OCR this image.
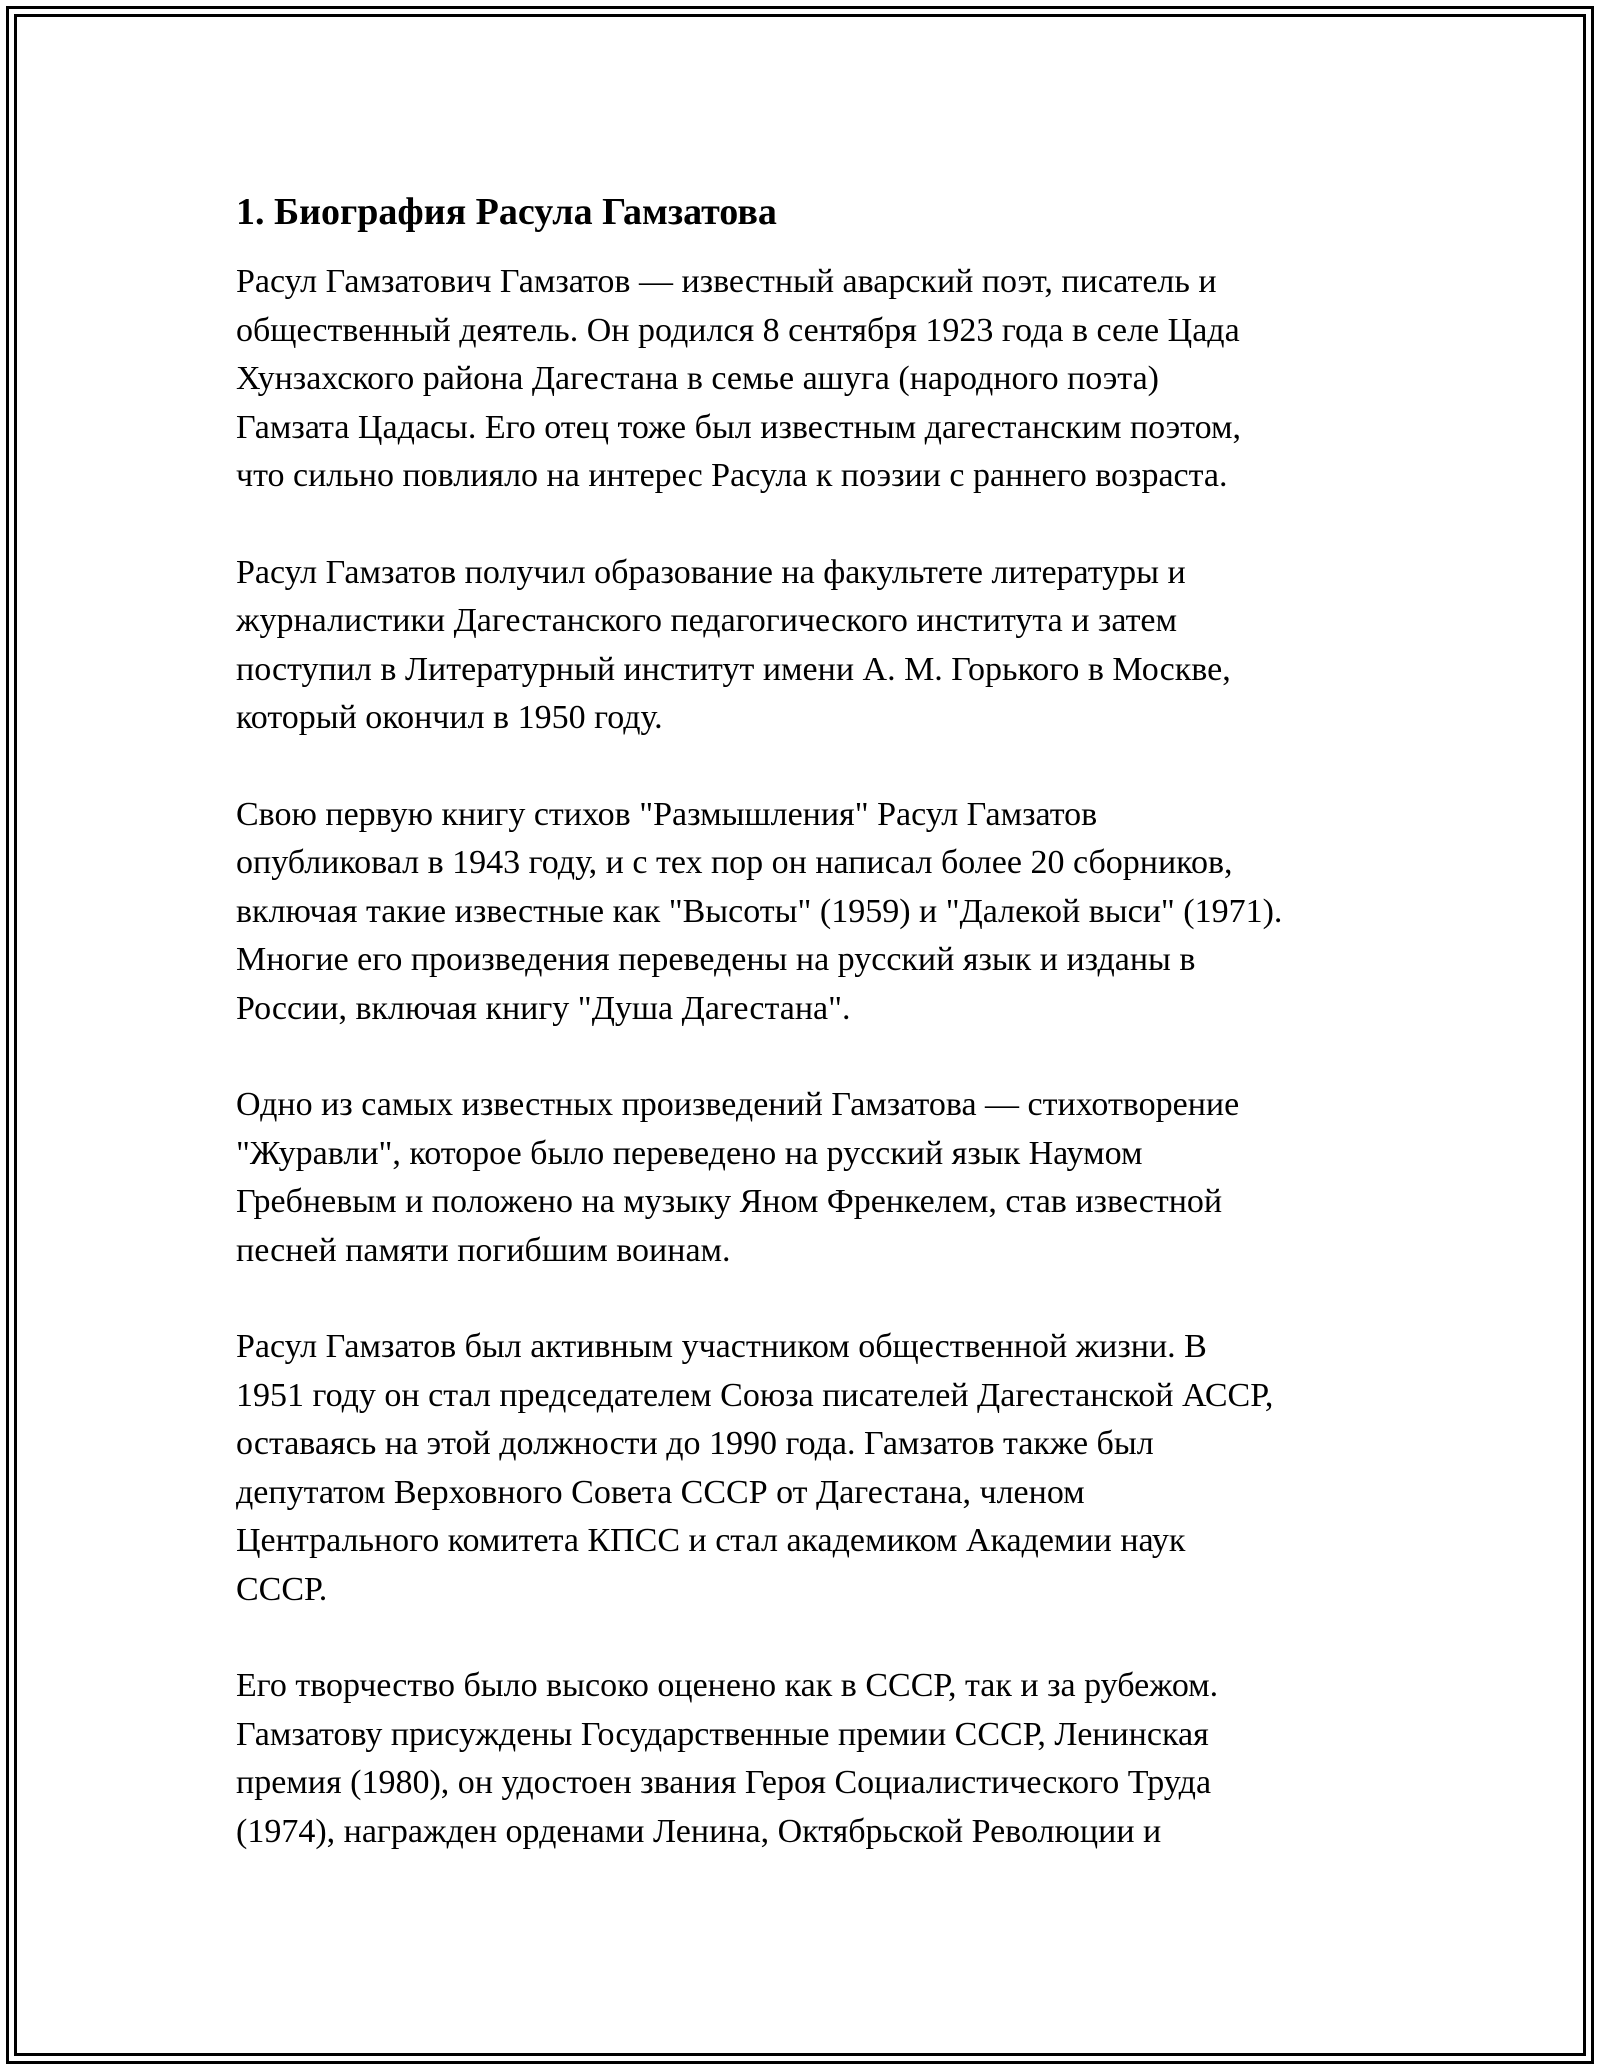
1. Биография Расула Гамзатова

Расул Гамзатович Гамзатов — известный аварский поэт, писатель и
общественный деятель. Он родился 8 сентября 1923 года в селе Цада
Хунзахского района Дагестана в семье ашуга (народного поэта)
Гамзата Цадасы. Его отец тоже был известным дагестанским поэтом,
что сильно повлияло на интерес Расула к поэзии с раннего возраста.

Расул Гамзатов получил образование на факультете литературы и
журналистики Дагестанского педагогического института и затем
поступил в Литературный институт имени А. М. Горького в Москве,
который окончил в 1950 году.

Свою первую книгу стихов "Размышления" Расул Гамзатов
опубликовал в 1943 году, и с тех пор он написал более 20 сборников,
включая такие известные как "Высоты" (1959) и "Далекой выси" (1971).
Многие его произведения переведены на русский язык и изданы в
России, включая книгу "Душа Дагестана".

Одно из самых известных произведений Гамзатова — стихотворение
"Журавли", которое было переведено на русский язык Наумом
Гребневым и положено на музыку Яном Френкелем, став известной
песней памяти погибшим воинам.

Расул Гамзатов был активным участником общественной жизни. В
1951 году он стал председателем Союза писателей Дагестанской АССР,
оставаясь на этой должности до 1990 года. Гамзатов также был
депутатом Верховного Совета СССР от Дагестана, членом
Центрального комитета КПСС и стал академиком Академии наук
СССР.

Его творчество было высоко оценено как в СССР, так и за рубежом.
Гамзатову присуждены Государственные премии СССР, Ленинская
премия (1980), он удостоен звания Героя Социалистического Труда
(1974), награжден орденами Ленина, Октябрьской Революции и
